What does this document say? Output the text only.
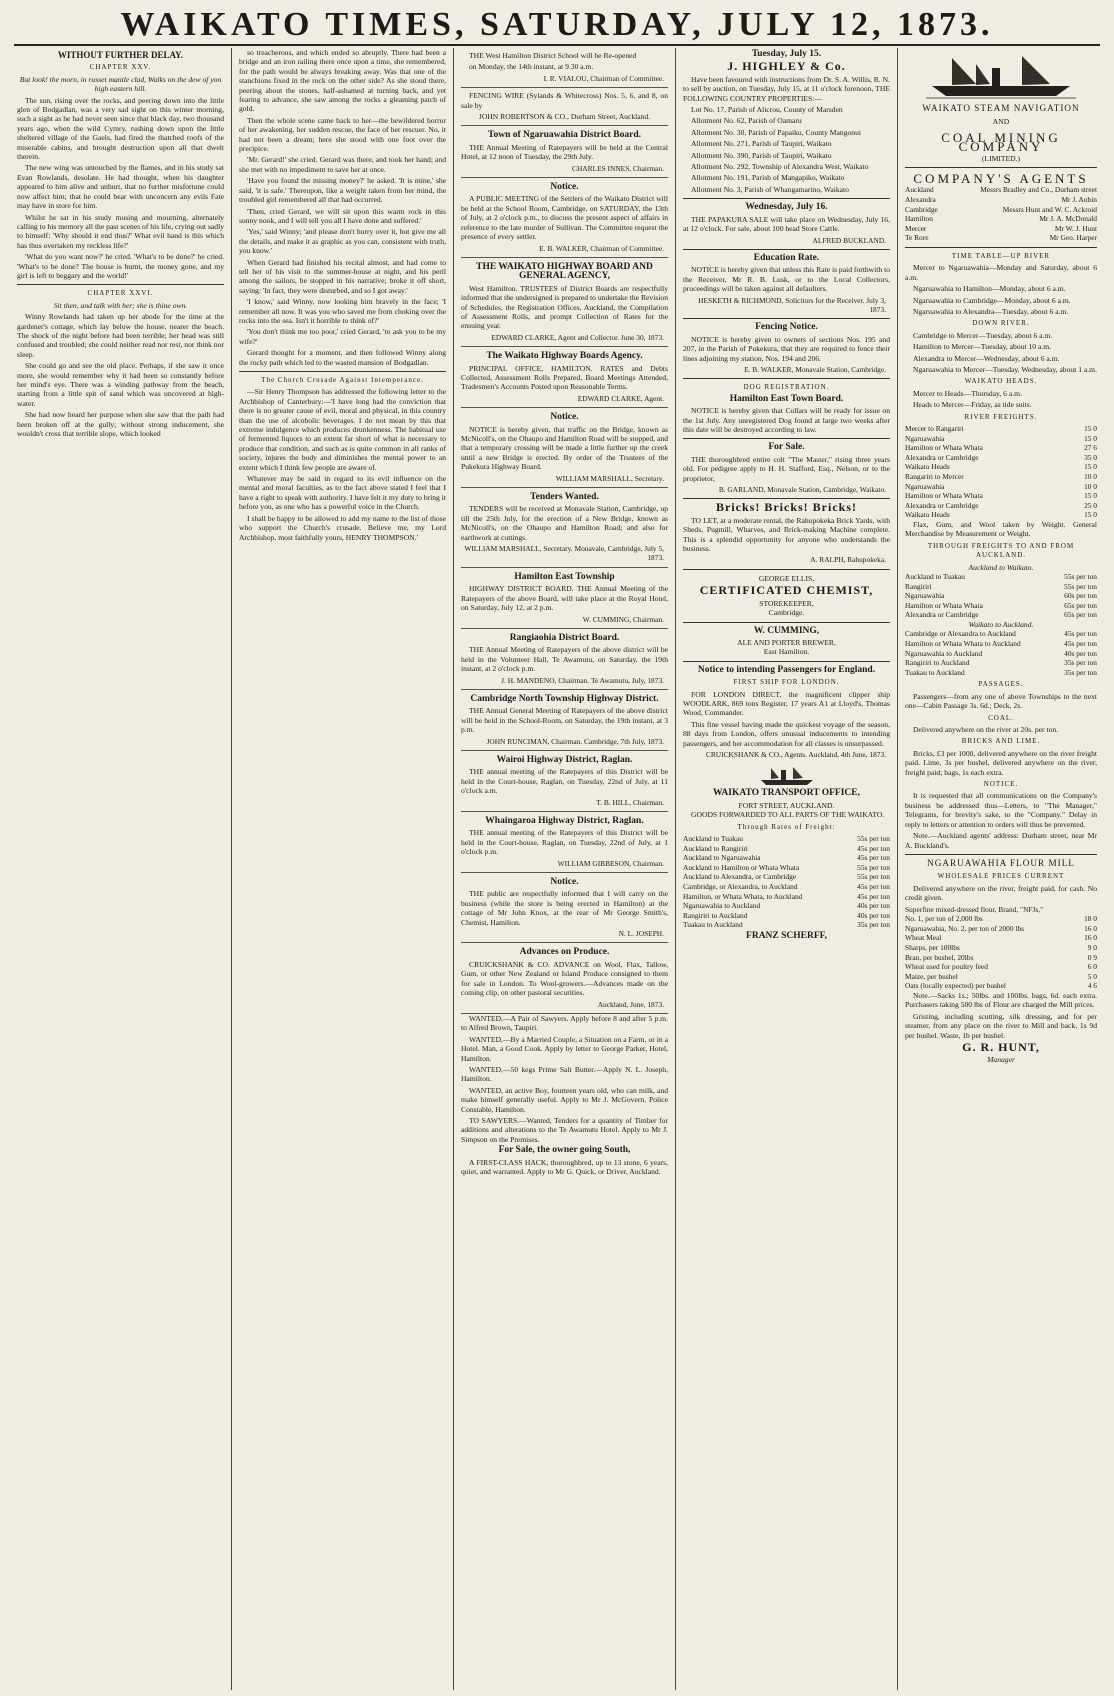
WAIKATO TIMES, SATURDAY, JULY 12, 1873.
WITHOUT FURTHER DELAY.
CHAPTER XXV.

But look! the morn, in russet mantle clad, Walks on the dew of yon high eastern hill.

The sun, rising over the rocks, and peering down into the little glen of Bodgadlan, was a very sad sight on this winter morning, such a sight as he had never seen since that black day, two thousand years ago, when the wild Cymry, rushing down upon the little sheltered village of the Gaels, had fired the thatched roofs of the miserable cabins, and brought destruction upon all that dwelt therein.

The new wing was untouched by the flames, and in his study sat Evan Rowlands, desolate. He had thought, when his daughter appeared to him alive and unhurt, that no further misfortune could now affect him; that he could bear with unconcern any evils Fate may have in store for him.

Whilst he sat in his study musing and mourning, alternately calling to his memory all the past scenes of his life, crying out sadly to himself: 'Why should it end thus?' What evil hand is this which has thus overtaken my reckless life?'

'What do you want now?' he cried. 'What's to be done?' he cried. 'What's to be done? The house is burnt, the money gone, and my girl is left to beggary and the world!'

CHAPTER XXVI.

Sit then, and talk with her; she is thine own.

Winny Rowlands had taken up her abode for the time at the gardener's cottage, which lay below the house, nearer the beach. The shock of the night before had been terrible; her head was still confused and troubled; she could neither read nor rest, nor think nor sleep.

She could go and see the old place. Perhaps, if she saw it once more, she would remember why it had been so constantly before her mind's eye. There was a winding pathway from the beach, starting from a little spit of sand which was uncovered at high-water.

She had now heard her purpose when she saw that the path had been broken off at the gully; without strong inducement, she wouldn't cross that terrible slope, which looked

so treacherous, and which ended so abruptly. There had been a bridge and an iron railing there once upon a time, she remembered, for the path would be always breaking away. Was that one of the stanchions fixed in the rock on the other side? As she stood there, peering about the stones, half-ashamed at turning back, and yet fearing to advance, she saw among the rocks a gleaming patch of gold.

Then the whole scene came back to her—the bewildered horror of her awakening, her sudden rescue, the face of her rescuer. No, it had not been a dream; here she stood with one foot over the precipice.

'Mr. Gerard!' she cried. Gerard was there, and took her hand; and she met with no impediment to save her at once.

'Have you found the missing money?' he asked. 'It is mine,' she said, 'it is safe.' Thereupon, like a weight taken from her mind, the troubled girl remembered all that had occurred.

'Then, cried Gerard, we will sit upon this warm rock in this sunny nook, and I will tell you all I have done and suffered.'

'Yes,' said Winny; 'and please don't hurry over it, but give me all the details, and make it as graphic as you can, consistent with truth, you know.'

When Gerard had finished his recital almost, and had come to tell her of his visit to the summer-house at night, and his peril among the sailors, he stopped in his narrative; broke it off short, saying: 'In fact, they were disturbed, and so I got away.'

'I know,' said Winny, now looking him bravely in the face; 'I remember all now. It was you who saved me from choking over the rocks into the sea. Isn't it horrible to think of?'

'You don't think me too poor,' cried Gerard, 'to ask you to be my wife?'

Gerard thought for a moment, and then followed Winny along the rocky path which led to the wasted mansion of Bodgadlan.

The Church Crusade Against Intemperance.

—Sir Henry Thompson has addressed the following letter to the Archbishop of Canterbury:—'I have long had the conviction that there is no greater cause of evil, moral and physical, in this country than the use of alcoholic beverages. I do not mean by this that extreme indulgence which produces drunkenness. The habitual use of fermented liquors to an extent far short of what is necessary to produce that condition, and such as is quite common in all ranks of society, injures the body and diminishes the mental power to an extent which I think few people are aware of.

Whatever may be said in regard to its evil influence on the mental and moral faculties, as to the fact above stated I feel that I have a right to speak with authority. I have felt it my duty to bring it before you, as one who has a powerful voice in the Church.

I shall be happy to be allowed to add my name to the list of those who support the Church's crusade. Believe me, my Lord Archbishop, most faithfully yours, HENRY THOMPSON.'

THE West Hamilton District School will be Re-opened

on Monday, the 14th instant, at 9.30 a.m.

I. R. VIALOU, Chairman of Committee.

FENCING WIRE (Sylands & Whitecross) Nos. 5, 6, and 8, on sale by

JOHN ROBERTSON & CO., Durham Street, Auckland.
Town of Ngaruawahia District Board.

THE Annual Meeting of Ratepayers will be held at the Central Hotel, at 12 noon of Tuesday, the 29th July.

CHARLES INNES, Chairman.
Notice.

A PUBLIC MEETING of the Settlers of the Waikato District will be held at the School Room, Cambridge, on SATURDAY, the 13th of July, at 2 o'clock p.m., to discuss the present aspect of affairs in reference to the late murder of Sullivan. The Committee request the presence of every settler.

E. B. WALKER, Chairman of Committee.
THE WAIKATO HIGHWAY BOARD AND GENERAL AGENCY,

West Hamilton. TRUSTEES of District Boards are respectfully informed that the undersigned is prepared to undertake the Revision of Schedules, the Registration Offices, Auckland, the Compilation of Assessment Rolls, and prompt Collection of Rates for the ensuing year.

EDWARD CLARKE, Agent and Collector. June 30, 1873.
The Waikato Highway Boards Agency.

PRINCIPAL OFFICE, HAMILTON. RATES and Debts Collected, Assessment Rolls Prepared, Board Meetings Attended, Tradesmen's Accounts Posted upon Reasonable Terms.

EDWARD CLARKE, Agent.
Notice.

NOTICE is hereby given, that traffic on the Bridge, known as McNicoll's, on the Ohaupo and Hamilton Road will be stopped, and that a temporary crossing will be made a little further up the creek until a new Bridge is erected. By order of the Trustees of the Pukekura Highway Board.

WILLIAM MARSHALL, Secretary.
Tenders Wanted.

TENDERS will be received at Monavale Station, Cambridge, up till the 25th July, for the erection of a New Bridge, known as McNicoll's, on the Ohaupo and Hamilton Road; and also for earthwork at cuttings.

WILLIAM MARSHALL, Secretary. Monavale, Cambridge, July 5, 1873.
Hamilton East Township

HIGHWAY DISTRICT BOARD. THE Annual Meeting of the Ratepayers of the above Board, will take place at the Royal Hotel, on Saturday, July 12, at 2 p.m.

W. CUMMING, Chairman.
Rangiaohia District Board.

THE Annual Meeting of Ratepayers of the above district will be held in the Volunteer Hall, Te Awamutu, on Saturday, the 19th instant, at 2 o'clock p.m.

J. H. MANDENO, Chairman. Te Awamutu, July, 1873.
Cambridge North Township Highway District.

THE Annual General Meeting of Ratepayers of the above district will be held in the School-Room, on Saturday, the 19th instant, at 3 p.m.

JOHN RUNCIMAN, Chairman. Cambridge, 7th July, 1873.
Wairoi Highway District, Raglan.

THE annual meeting of the Ratepayers of this District will be held in the Court-house, Raglan, on Tuesday, 22nd of July, at 11 o'clock a.m.

T. B. HILL, Chairman.
Whaingaroa Highway District, Raglan.

THE annual meeting of the Ratepayers of this District will be held in the Court-house, Raglan, on Tuesday, 22nd of July, at 1 o'clock p.m.

WILLIAM GIBBESON, Chairman.
Notice.

THE public are respectfully informed that I will carry on the business (while the store is being erected in Hamilton) at the cottage of Mr John Knox, at the rear of Mr George Smith's, Chemist, Hamilton.

N. L. JOSEPH.
Advances on Produce.

CRUICKSHANK & CO. ADVANCE on Wool, Flax, Tallow, Gum, or other New Zealand or Island Produce consigned to them for sale in London. To Wool-growers.—Advances made on the coming clip, on other pastoral securities.

Auckland, June, 1873.

WANTED,—A Pair of Sawyers. Apply before 8 and after 5 p.m. to Alfred Brown, Taupiri.

WANTED,—By a Married Couple, a Situation on a Farm, or in a Hotel. Man, a Good Cook. Apply by letter to George Parker, Hotel, Hamilton.

WANTED,—50 kegs Prime Salt Butter.—Apply N. L. Joseph, Hamilton.

WANTED, an active Boy, fourteen years old, who can milk, and make himself generally useful. Apply to Mr J. McGovern, Police Constable, Hamilton.

TO SAWYERS.—Wanted, Tenders for a quantity of Timber for additions and alterations to the Te Awamutu Hotel. Apply to Mr J. Simpson on the Premises.

For Sale, the owner going South,

A FIRST-CLASS HACK, thoroughbred, up to 13 stone, 6 years, quiet, and warranted. Apply to Mr G. Quick, or Driver, Auckland.

Tuesday, July 15.
J. HIGHLEY & Co.

Have been favoured with instructions from Dr. S. A. Willis, R. N. to sell by auction, on Tuesday, July 15, at 11 o'clock forenoon, THE FOLLOWING COUNTRY PROPERTIES:—

Lot No. 17, Parish of Alicrou, County of Marsden

Allotment No. 62, Parish of Oamaru

Allotment No. 30, Parish of Papaiku, County Mangonui

Allotment No. 271, Parish of Taupiri, Waikato

Allotment No. 390, Parish of Taupiri, Waikato

Allotment No. 292, Township of Alexandra West, Waikato

Allotment No. 191, Parish of Mangapiko, Waikato

Allotment No. 3, Parish of Whangamarino, Waikato

Wednesday, July 16.

THE PAPAKURA SALE will take place on Wednesday, July 16, at 12 o'clock. For sale, about 100 head Store Cattle.

ALFRED BUCKLAND.
Education Rate.

NOTICE is hereby given that unless this Rate is paid forthwith to the Receiver, Mr R. B. Lusk, or to the Local Collectors, proceedings will be taken against all defaulters.

HESKETH & RICHMOND, Solicitors for the Receiver. July 3, 1873.
Fencing Notice.

NOTICE is hereby given to owners of sections Nos. 195 and 207, in the Parish of Pukekura, that they are required to fence their lines adjoining my station, Nos. 194 and 206.

E. B. WALKER, Monavale Station, Cambridge.
DOG REGISTRATION.
Hamilton East Town Board.

NOTICE is hereby given that Collars will be ready for issue on the 1st July. Any unregistered Dog found at large two weeks after this date will be destroyed according to law.

For Sale.

THE thoroughbred entire colt "The Master," rising three years old. For pedigree apply to H. H. Stafford, Esq., Nelson, or to the proprietor,

B. GARLAND, Monavale Station, Cambridge, Waikato.
Bricks! Bricks! Bricks!

TO LET, at a moderate rental, the Rahupokeka Brick Yards, with Sheds, Pugmill, Wharves, and Brick-making Machine complete. This is a splendid opportunity for anyone who understands the business.

A. RALPH, Rahupokeka.
GEORGE ELLIS,
CERTIFICATED CHEMIST,
STOREKEEPER,
Cambridge.
W. CUMMING,
ALE AND PORTER BREWER,
East Hamilton.
Notice to intending Passengers for England.
FIRST SHIP FOR LONDON.

FOR LONDON DIRECT, the magnificent clipper ship WOODLARK, 869 tons Register, 17 years A1 at Lloyd's, Thomas Wood, Commander.

This fine vessel having made the quickest voyage of the season, 88 days from London, offers unusual inducements to intending passengers, and her accommodation for all classes is unsurpassed.

CRUICKSHANK & CO., Agents. Auckland, 4th June, 1873.
WAIKATO TRANSPORT OFFICE,
FORT STREET, AUCKLAND.

GOODS FORWARDED TO ALL PARTS OF THE WAIKATO.

Through Rates of Freight:
Auckland to Tuakau	55s per ton
Auckland to Rangiriri	45s per ton
Auckland to Ngaruawahia	45s per ton
Auckland to Hamilton or Whata Whata	55s per ton
Auckland to Alexandra, or Cambridge	55s per ton
Cambridge, or Alexandra, to Auckland	45s per ton
Hamilton, or Whata Whata, to Auckland	45s per ton
Ngaruawahia to Auckland	40s per ton
Rangiriri to Auckland	40s per ton
Tuakau to Auckland	35s per ton
FRANZ SCHERFF,
WAIKATO STEAM NAVIGATION
AND
COAL MINING COMPANY
(LIMITED.)
COMPANY'S AGENTS
Auckland	Messrs Bradley and Co., Durham street
Alexandra	Mr J. Aubin
Cambridge	Messrs Hunt and W. C. Ackroid
Hamilton	Mr J. A. McDonald
Mercer	Mr W. J. Hunt
Te Rore	Mr Geo. Harper
TIME TABLE—UP RIVER

Mercer to Ngaruawahia—Monday and Saturday, about 6 a.m.

Ngaruawahia to Hamilton—Monday, about 6 a.m.

Ngaruawahia to Cambridge—Monday, about 6 a.m.

Ngaruawahia to Alexandra—Tuesday, about 6 a.m.

DOWN RIVER.

Cambridge to Mercer—Tuesday, about 6 a.m.

Hamilton to Mercer—Tuesday, about 10 a.m.

Alexandra to Mercer—Wednesday, about 6 a.m.

Ngaruawahia to Mercer—Tuesday, Wednesday, about 1 a.m.

WAIKATO HEADS.

Mercer to Heads—Thursday, 6 a.m.

Heads to Mercer—Friday, as tide suits.

RIVER FREIGHTS.
Mercer to Rangariri	15 0
Ngaruawahia	15 0
Hamilton or Whata Whata	27 6
Alexandra or Cambridge	35 0
Waikato Heads	15 0
Rangariri to Mercer	10 0
Ngaruawahia	10 0
Hamilton or Whata Whata	15 0
Alexandra or Cambridge	25 0
Waikato Heads	15 0

Flax, Gum, and Wool taken by Weight. General Merchandise by Measurement or Weight.

THROUGH FREIGHTS TO AND FROM AUCKLAND.
Auckland to Waikato.
Auckland to Tuakau	55s per ton
Rangiriri	55s per ton
Ngaruawahia	60s per ton
Hamilton or Whata Whata	65s per ton
Alexandra or Cambridge	65s per ton
Waikato to Auckland.
Cambridge or Alexandra to Auckland	45s per ton
Hamilton or Whata Whata to Auckland	45s per ton
Ngaruawahia to Auckland	40s per ton
Rangiriri to Auckland	35s per ton
Tuakau to Auckland	35s per ton
PASSAGES.

Passengers—from any one of above Townships to the next one—Cabin Passage 3s. 6d.; Deck, 2s.

COAL.

Delivered anywhere on the river at 20s. per ton.

BRICKS AND LIME.

Bricks, £3 per 1000, delivered anywhere on the river freight paid. Lime, 3s per bushel, delivered anywhere on the river, freight paid; bags, 1s each extra.

NOTICE.

It is requested that all communications on the Company's business be addressed thus—Letters, to "The Manager," Telegrams, for brevity's sake, to the "Company." Delay in reply to letters or attention to orders will thus be prevented.

Note.—Auckland agents' address: Durham street, near Mr A. Buckland's.

NGARUAWAHIA FLOUR MILL
WHOLESALE PRICES CURRENT

Delivered anywhere on the river, freight paid, for cash. No credit given.

Superfine mixed-dressed flour, Brand, "NFJs,"
No. 1, per ton of 2,000 lbs	18 0
Ngaruawahia, No. 2, per ton of 2000 lbs	16 0
Wheat Meal	16 0
Sharps, per 100lbs	9 0
Bran, per bushel, 20lbs	0 9
Wheat used for poultry feed	6 0
Maize, per bushel	5 0
Oats (locally expected) per bushel	4 6

Note.—Sacks 1s.; 50lbs. and 100lbs. bags, 6d. each extra. Purchasers taking 500 lbs of Flour are charged the Mill prices.

Gristing, including scutting, silk dressing, and for per steamer, from any place on the river to Mill and back, 1s 9d per bushel. Waste, 1b per bushel.

G. R. HUNT,
Manager
